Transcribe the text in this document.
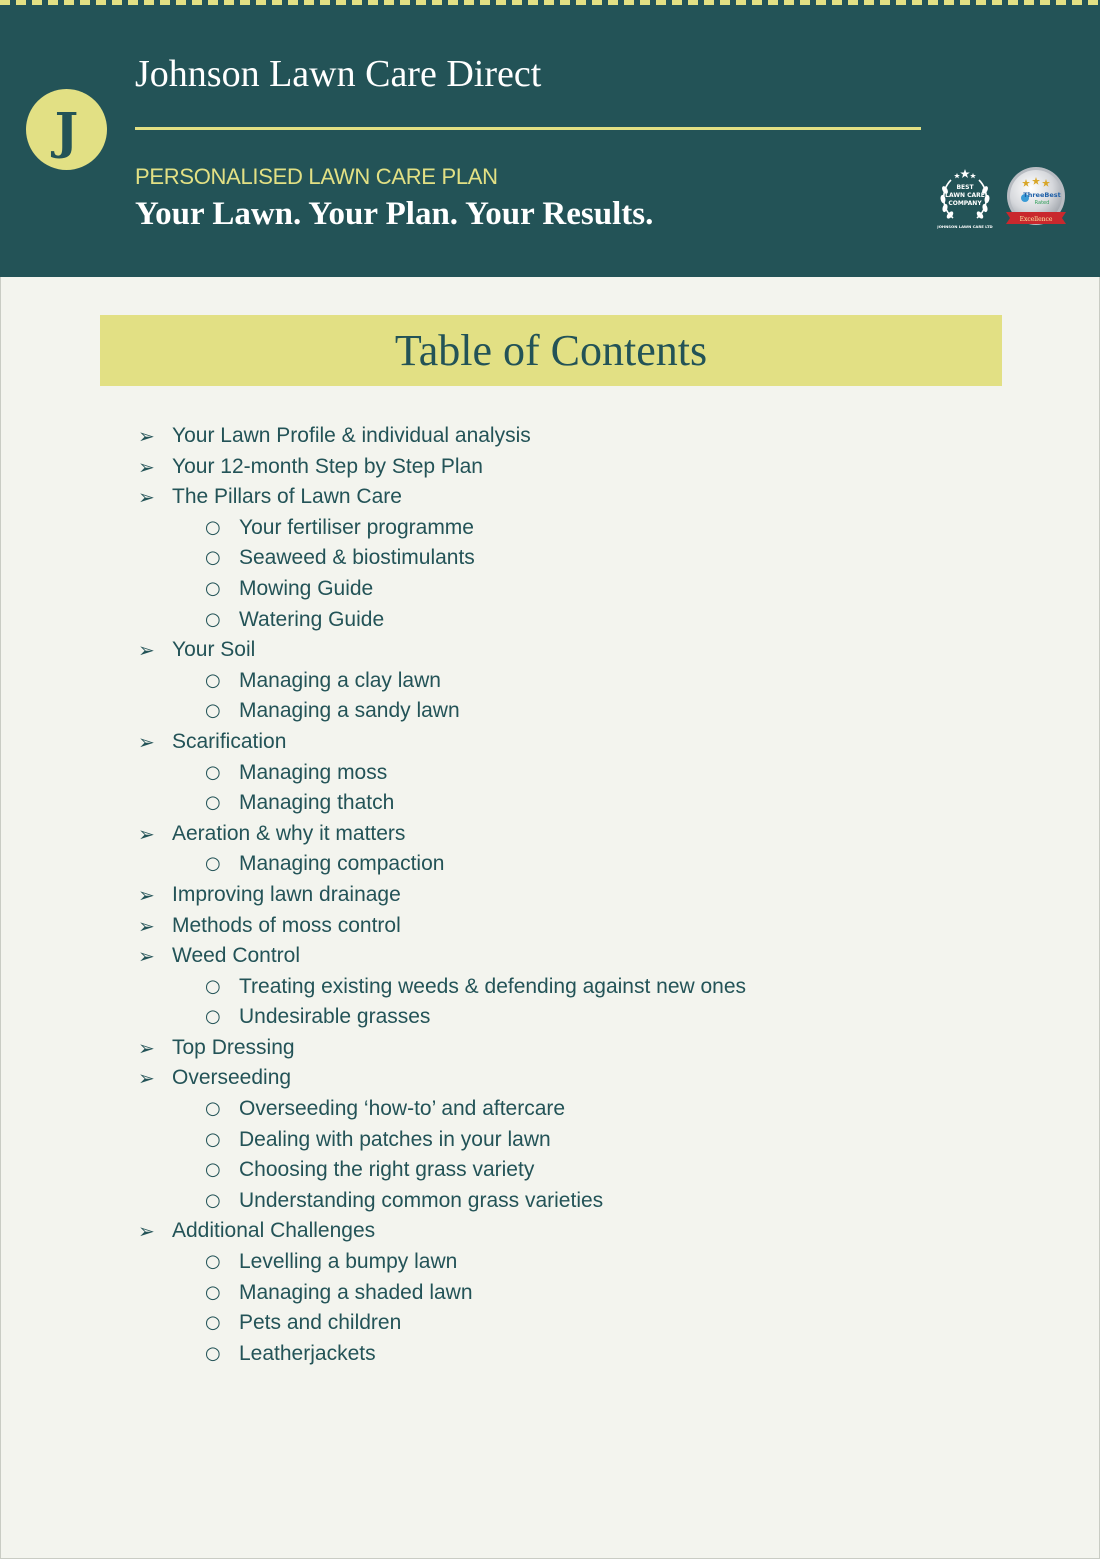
J
Johnson Lawn Care Direct
PERSONALISED LAWN CARE PLAN
Your Lawn. Your Plan. Your Results.
BEST
LAWN CARE
COMPANY
JOHNSON LAWN CARE LTD
ThreeBest
Rated
Excellence
Table of Contents
➢ Your Lawn Profile & individual analysis
➢ Your 12-month Step by Step Plan
➢ The Pillars of Lawn Care
○ Your fertiliser programme
○ Seaweed & biostimulants
○ Mowing Guide
○ Watering Guide
➢ Your Soil
○ Managing a clay lawn
○ Managing a sandy lawn
➢ Scarification
○ Managing moss
○ Managing thatch
➢ Aeration & why it matters
○ Managing compaction
➢ Improving lawn drainage
➢ Methods of moss control
➢ Weed Control
○ Treating existing weeds & defending against new ones
○ Undesirable grasses
➢ Top Dressing
➢ Overseeding
○ Overseeding ‘how-to’ and aftercare
○ Dealing with patches in your lawn
○ Choosing the right grass variety
○ Understanding common grass varieties
➢ Additional Challenges
○ Levelling a bumpy lawn
○ Managing a shaded lawn
○ Pets and children
○ Leatherjackets
